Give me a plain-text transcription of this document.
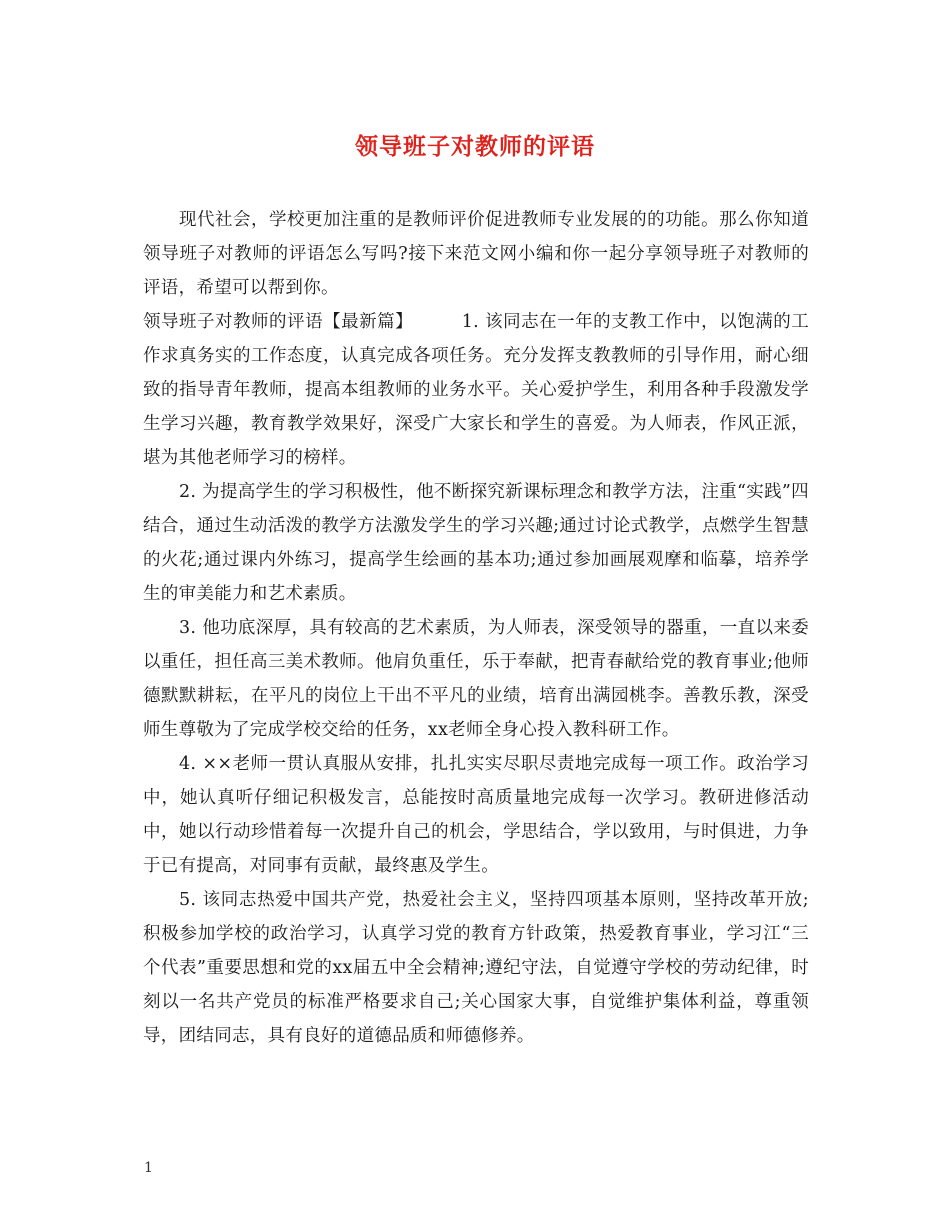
领导班子对教师的评语

现代社会，学校更加注重的是教师评价促进教师专业发展的的功能。那么你知道领导班子对教师的评语怎么写吗?接下来范文网小编和你一起分享领导班子对教师的评语，希望可以帮到你。

领导班子对教师的评语【最新篇】	1. 该同志在一年的支教工作中，以饱满的工作求真务实的工作态度，认真完成各项任务。充分发挥支教教师的引导作用，耐心细致的指导青年教师，提高本组教师的业务水平。关心爱护学生，利用各种手段激发学生学习兴趣，教育教学效果好，深受广大家长和学生的喜爱。为人师表，作风正派，堪为其他老师学习的榜样。

2. 为提高学生的学习积极性，他不断探究新课标理念和教学方法，注重“实践”四结合，通过生动活泼的教学方法激发学生的学习兴趣;通过讨论式教学，点燃学生智慧的火花;通过课内外练习，提高学生绘画的基本功;通过参加画展观摩和临摹，培养学生的审美能力和艺术素质。

3. 他功底深厚，具有较高的艺术素质，为人师表，深受领导的器重，一直以来委以重任，担任高三美术教师。他肩负重任，乐于奉献，把青春献给党的教育事业;他师德默默耕耘，在平凡的岗位上干出不平凡的业绩，培育出满园桃李。善教乐教，深受师生尊敬为了完成学校交给的任务，xx老师全身心投入教科研工作。

4. ××老师一贯认真服从安排，扎扎实实尽职尽责地完成每一项工作。政治学习中，她认真听仔细记积极发言，总能按时高质量地完成每一次学习。教研进修活动中，她以行动珍惜着每一次提升自己的机会，学思结合，学以致用，与时俱进，力争于已有提高，对同事有贡献，最终惠及学生。

5. 该同志热爱中国共产党，热爱社会主义，坚持四项基本原则，坚持改革开放;积极参加学校的政治学习，认真学习党的教育方针政策，热爱教育事业，学习江“三个代表”重要思想和党的xx届五中全会精神;遵纪守法，自觉遵守学校的劳动纪律，时刻以一名共产党员的标准严格要求自己;关心国家大事，自觉维护集体利益，尊重领导，团结同志，具有良好的道德品质和师德修养。

1
